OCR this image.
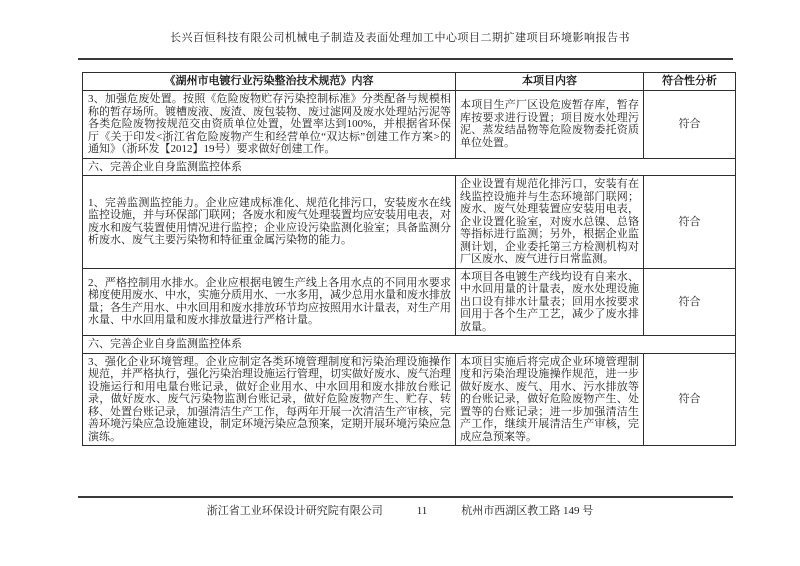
长兴百恒科技有限公司机械电子制造及表面处理加工中心项目二期扩建项目环境影响报告书
《湖州市电镀行业污染整治技术规范》内容	本项目内容	符合性分析
3、加强危废处置。按照《危险废物贮存污染控制标准》分类配备与规模相称的暂存场所。镀槽废液、废渣、废包装物、废过滤网及废水处理站污泥等各类危险废物按规范交由资质单位处置，处置率达到100%，并根据省环保厅《关于印发<浙江省危险废物产生和经营单位“双达标”创建工作方案>的通知》（浙环发【2012】19号）要求做好创建工作。	本项目生产厂区设危废暂存库，暂存库按要求进行设置；项目废水处理污泥、蒸发结晶物等危险废物委托资质单位处置。	符合
六、完善企业自身监测监控体系		
1、完善监测监控能力。企业应建成标准化、规范化排污口，安装废水在线监控设施，并与环保部门联网；各废水和废气处理装置均应安装用电表，对废水和废气装置使用情况进行监控；企业应设污染监测化验室；具备监测分析废水、废气主要污染物和特征重金属污染物的能力。	企业设置有规范化排污口，安装有在线监控设施并与生态环境部门联网；废水、废气处理装置应安装用电表，企业设置化验室，对废水总镍、总铬等指标进行监测；另外，根据企业监测计划，企业委托第三方检测机构对厂区废水、废气进行日常监测。	符合
2、严格控制用水排水。企业应根据电镀生产线上各用水点的不同用水要求梯度使用废水、中水，实施分质用水、一水多用，减少总用水量和废水排放量；各生产用水、中水回用和废水排放环节均应按照用水计量表，对生产用水量、中水回用量和废水排放量进行严格计量。	本项目各电镀生产线均设有自来水、中水回用量的计量表，废水处理设施出口设有排水计量表；回用水按要求回用于各个生产工艺，减少了废水排放量。	符合
六、完善企业自身监测监控体系		
3、强化企业环境管理。企业应制定各类环境管理制度和污染治理设施操作规范，并严格执行，强化污染治理设施运行管理，切实做好废水、废气治理设施运行和用电量台账记录，做好企业用水、中水回用和废水排放台账记录，做好废水、废气污染物监测台账记录，做好危险废物产生、贮存、转移、处置台账记录，加强清洁生产工作，每两年开展一次清洁生产审核，完善环境污染应急设施建设，制定环境污染应急预案，定期开展环境污染应急演练。	本项目实施后将完成企业环境管理制度和污染治理设施操作规范，进一步做好废水、废气、用水、污水排放等的台账记录，做好危险废物产生、处置等的台账记录；进一步加强清洁生产工作，继续开展清洁生产审核，完成应急预案等。	符合
浙江省工业环保设计研究院有限公司	11	杭州市西湖区教工路 149 号
